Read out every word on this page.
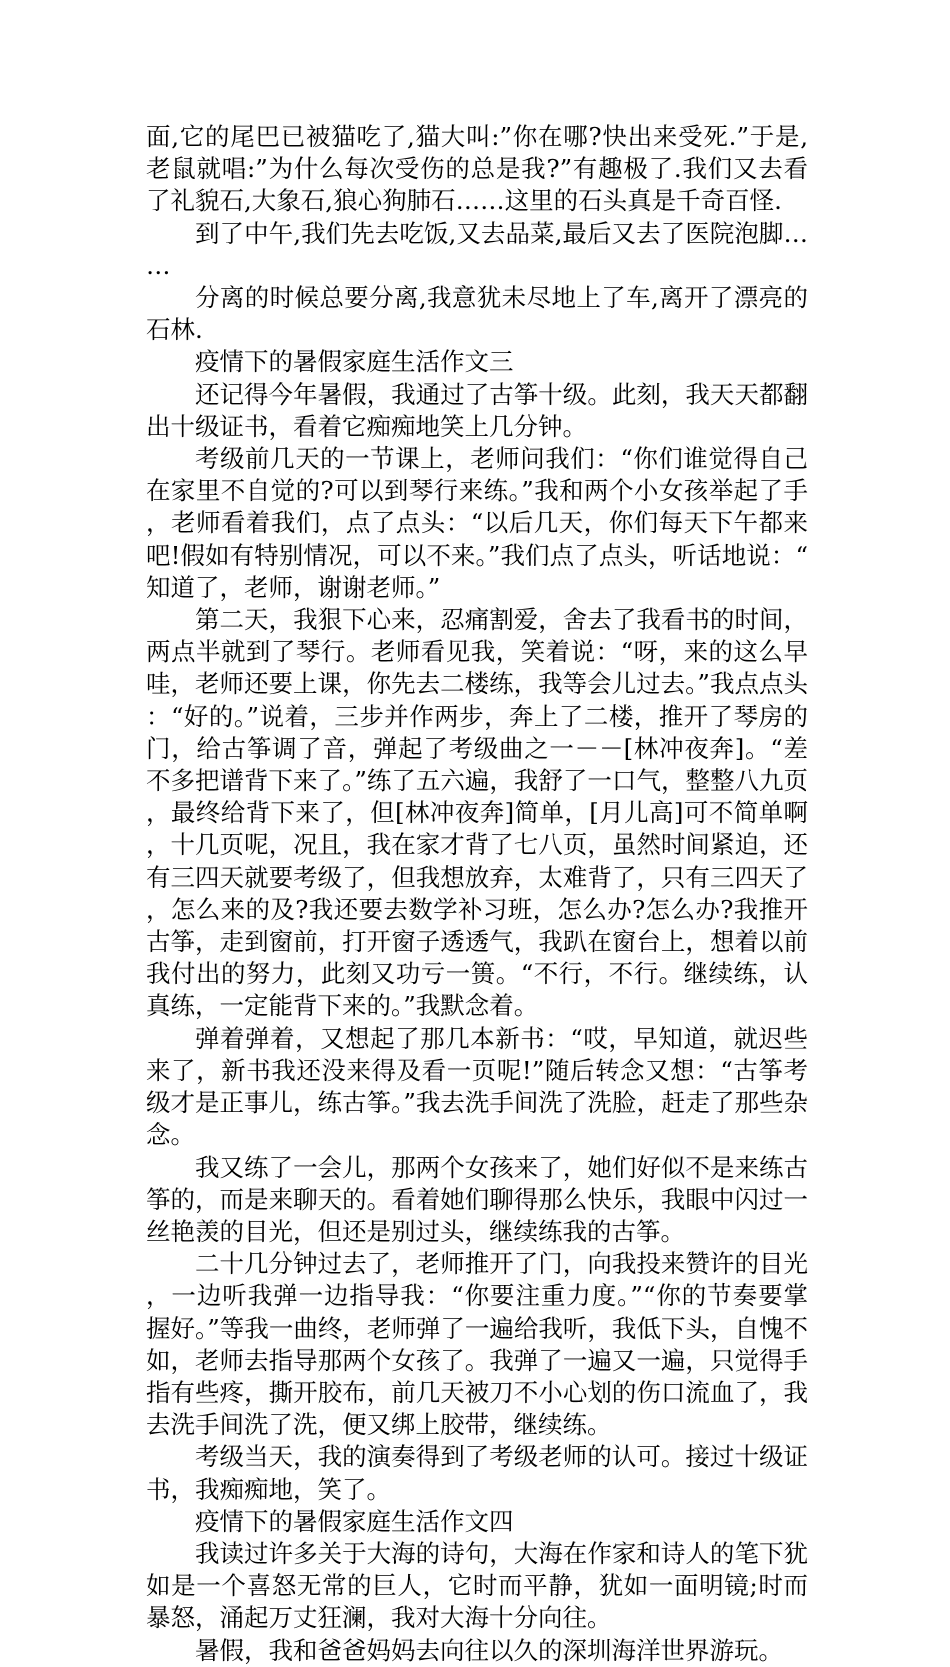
面,它的尾巴已被猫吃了,猫大叫:”你在哪?快出来受死.”于是,老鼠就唱:”为什么每次受伤的总是我?”有趣极了.我们又去看了礼貌石,大象石,狼心狗肺石……这里的石头真是千奇百怪.

到了中午,我们先去吃饭,又去品菜,最后又去了医院泡脚……

分离的时候总要分离,我意犹未尽地上了车,离开了漂亮的石林.

疫情下的暑假家庭生活作文三

还记得今年暑假，我通过了古筝十级。此刻，我天天都翻出十级证书，看着它痴痴地笑上几分钟。

考级前几天的一节课上，老师问我们：“你们谁觉得自己在家里不自觉的?可以到琴行来练。”我和两个小女孩举起了手，老师看着我们，点了点头：“以后几天，你们每天下午都来吧!假如有特别情况，可以不来。”我们点了点头，听话地说：“知道了，老师，谢谢老师。”

第二天，我狠下心来，忍痛割爱，舍去了我看书的时间，两点半就到了琴行。老师看见我，笑着说：“呀，来的这么早哇，老师还要上课，你先去二楼练，我等会儿过去。”我点点头：“好的。”说着，三步并作两步，奔上了二楼，推开了琴房的门，给古筝调了音，弹起了考级曲之一－－[林冲夜奔]。“差不多把谱背下来了。”练了五六遍，我舒了一口气，整整八九页，最终给背下来了，但[林冲夜奔]简单，[月儿高]可不简单啊，十几页呢，况且，我在家才背了七八页，虽然时间紧迫，还有三四天就要考级了，但我想放弃，太难背了，只有三四天了，怎么来的及?我还要去数学补习班，怎么办?怎么办?我推开古筝，走到窗前，打开窗子透透气，我趴在窗台上，想着以前我付出的努力，此刻又功亏一篑。“不行，不行。继续练，认真练，一定能背下来的。”我默念着。

弹着弹着，又想起了那几本新书：“哎，早知道，就迟些来了，新书我还没来得及看一页呢!”随后转念又想：“古筝考级才是正事儿，练古筝。”我去洗手间洗了洗脸，赶走了那些杂念。

我又练了一会儿，那两个女孩来了，她们好似不是来练古筝的，而是来聊天的。看着她们聊得那么快乐，我眼中闪过一丝艳羡的目光，但还是别过头，继续练我的古筝。

二十几分钟过去了，老师推开了门，向我投来赞许的目光，一边听我弹一边指导我：“你要注重力度。”“你的节奏要掌握好。”等我一曲终，老师弹了一遍给我听，我低下头，自愧不如，老师去指导那两个女孩了。我弹了一遍又一遍，只觉得手指有些疼，撕开胶布，前几天被刀不小心划的伤口流血了，我去洗手间洗了洗，便又绑上胶带，继续练。

考级当天，我的演奏得到了考级老师的认可。接过十级证书，我痴痴地，笑了。

疫情下的暑假家庭生活作文四

我读过许多关于大海的诗句，大海在作家和诗人的笔下犹如是一个喜怒无常的巨人，它时而平静，犹如一面明镜;时而暴怒，涌起万丈狂澜，我对大海十分向往。

暑假，我和爸爸妈妈去向往以久的深圳海洋世界游玩。
